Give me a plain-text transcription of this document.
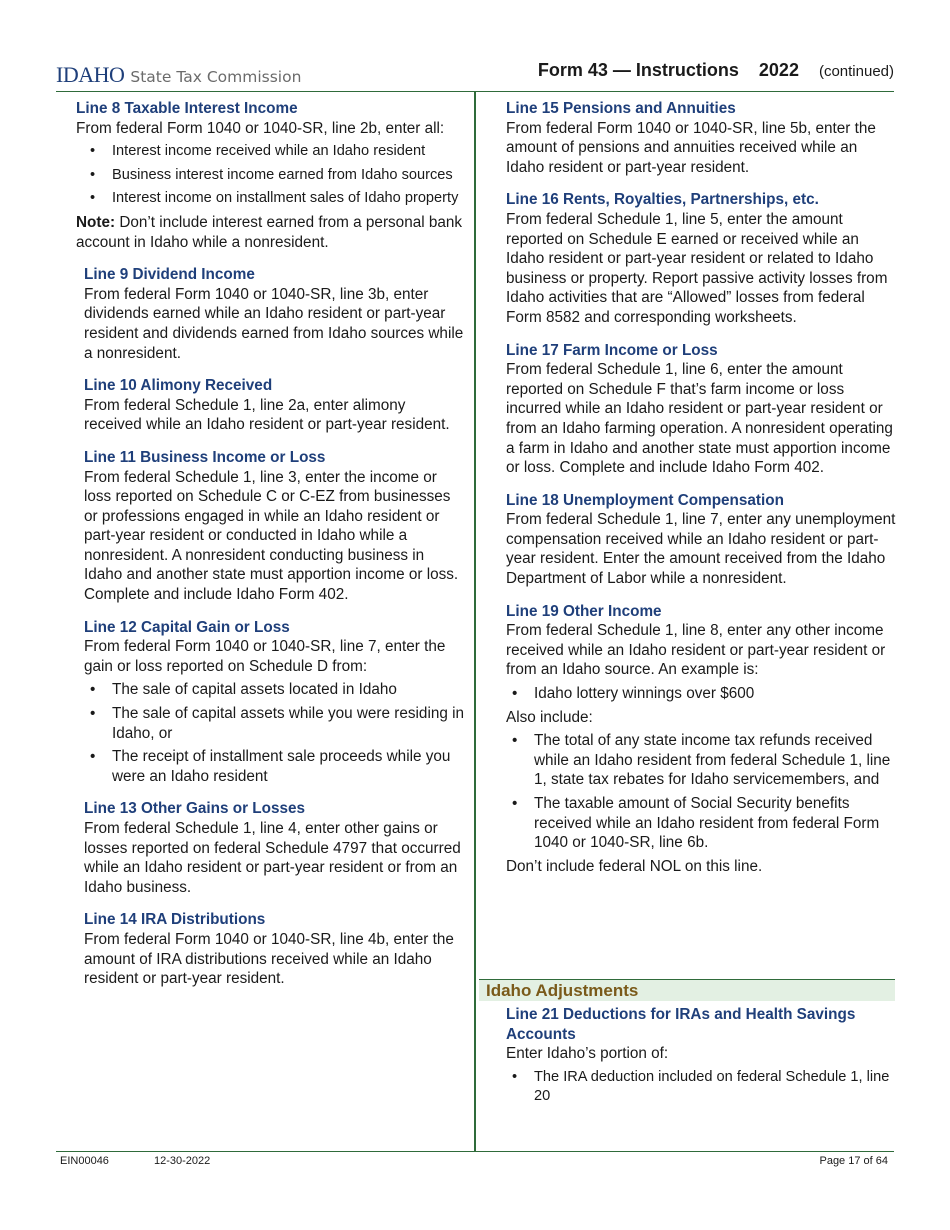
IDAHO State Tax Commission	Form 43 — Instructions 2022 (continued)
Line 8 Taxable Interest Income

From federal Form 1040 or 1040-SR, line 2b, enter all:

• Interest income received while an Idaho resident
• Business interest income earned from Idaho sources
• Interest income on installment sales of Idaho property

Note: Don’t include interest earned from a personal bank account in Idaho while a nonresident.

Line 9 Dividend Income

From federal Form 1040 or 1040-SR, line 3b, enter dividends earned while an Idaho resident or part-year resident and dividends earned from Idaho sources while a nonresident.

Line 10 Alimony Received

From federal Schedule 1, line 2a, enter alimony received while an Idaho resident or part-year resident.

Line 11 Business Income or Loss

From federal Schedule 1, line 3, enter the income or loss reported on Schedule C or C-EZ from businesses or professions engaged in while an Idaho resident or part-year resident or conducted in Idaho while a nonresident. A nonresident conducting business in Idaho and another state must apportion income or loss. Complete and include Idaho Form 402.

Line 12 Capital Gain or Loss

From federal Form 1040 or 1040-SR, line 7, enter the gain or loss reported on Schedule D from:

• The sale of capital assets located in Idaho
• The sale of capital assets while you were residing in Idaho, or
• The receipt of installment sale proceeds while you were an Idaho resident
Line 13 Other Gains or Losses

From federal Schedule 1, line 4, enter other gains or losses reported on federal Schedule 4797 that occurred while an Idaho resident or part-year resident or from an Idaho business.

Line 14 IRA Distributions

From federal Form 1040 or 1040-SR, line 4b, enter the amount of IRA distributions received while an Idaho resident or part-year resident.

Line 15 Pensions and Annuities

From federal Form 1040 or 1040-SR, line 5b, enter the amount of pensions and annuities received while an Idaho resident or part-year resident.

Line 16 Rents, Royalties, Partnerships, etc.

From federal Schedule 1, line 5, enter the amount reported on Schedule E earned or received while an Idaho resident or part-year resident or related to Idaho business or property. Report passive activity losses from Idaho activities that are “Allowed” losses from federal Form 8582 and corresponding worksheets.

Line 17 Farm Income or Loss

From federal Schedule 1, line 6, enter the amount reported on Schedule F that’s farm income or loss incurred while an Idaho resident or part-year resident or from an Idaho farming operation. A nonresident operating a farm in Idaho and another state must apportion income or loss. Complete and include Idaho Form 402.

Line 18 Unemployment Compensation

From federal Schedule 1, line 7, enter any unemployment compensation received while an Idaho resident or part-year resident. Enter the amount received from the Idaho Department of Labor while a nonresident.

Line 19 Other Income

From federal Schedule 1, line 8, enter any other income received while an Idaho resident or part-year resident or from an Idaho source. An example is:

• Idaho lottery winnings over $600

Also include:

• The total of any state income tax refunds received while an Idaho resident from federal Schedule 1, line 1, state tax rebates for Idaho servicemembers, and
• The taxable amount of Social Security benefits received while an Idaho resident from federal Form 1040 or 1040-SR, line 6b.

Don’t include federal NOL on this line.

Line 21 Deductions for IRAs and Health Savings Accounts

Enter Idaho’s portion of:

• The IRA deduction included on federal Schedule 1, line 20
Idaho Adjustments
EIN00046	12-30-2022	Page 17 of 64
